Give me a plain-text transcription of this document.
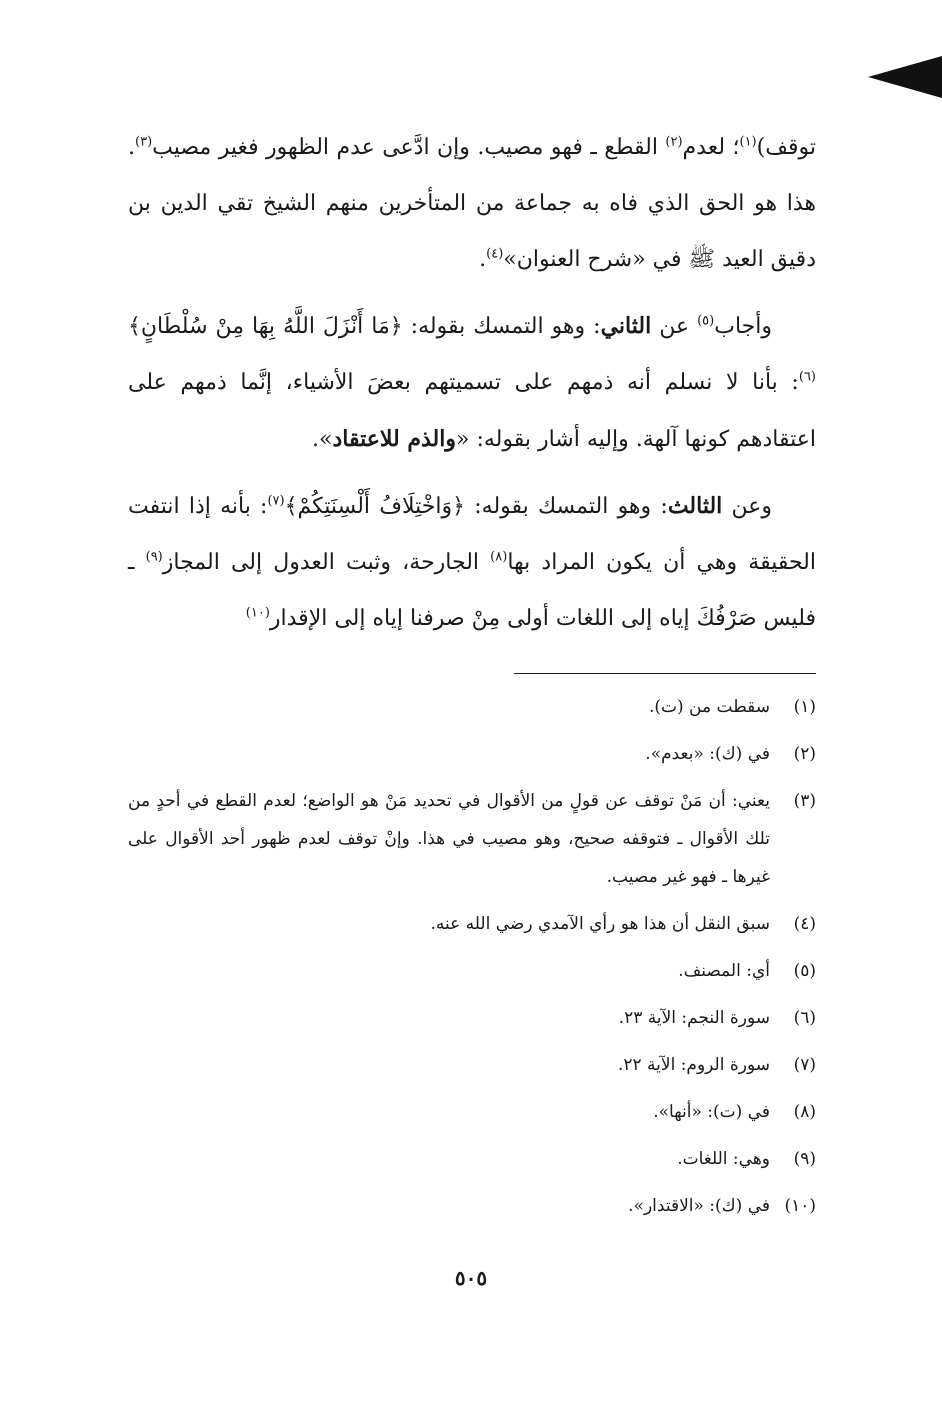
توقف)$^{(١)}$؛ لعدم$^{(٢)}$ القطع ـ فهو مصيب. وإن ادَّعى عدم الظهور فغير مصيب$^{(٣)}$. هذا هو الحق الذي فاه به جماعة من المتأخرين منهم الشيخ تقي الدين بن دقيق العيد ﷺ في «شرح العنوان»$^{(٤)}$.

وأجاب$^{(٥)}$ عن الثاني: وهو التمسك بقوله: ﴿مَا أَنْزَلَ اللَّهُ بِهَا مِنْ سُلْطَانٍ﴾$^{(٦)}$: بأنا لا نسلم أنه ذمهم على تسميتهم بعضَ الأشياء، إنَّما ذمهم على اعتقادهم كونها آلهة. وإليه أشار بقوله: «والذم للاعتقاد».

وعن الثالث: وهو التمسك بقوله: ﴿وَاخْتِلَافُ أَلْسِنَتِكُمْ﴾$^{(٧)}$: بأنه إذا انتفت الحقيقة وهي أن يكون المراد بها$^{(٨)}$ الجارحة، وثبت العدول إلى المجاز$^{(٩)}$ ـ فليس صَرْفُكَ إياه إلى اللغات أولى مِنْ صرفنا إياه إلى الإقدار$^{(١٠)}$

(١)
سقطت من (ت).
(٢)
في (ك): «بعدم».
(٣)
يعني: أن مَنْ توقف عن قولٍ من الأقوال في تحديد مَنْ هو الواضع؛ لعدم القطع في أحدٍ من تلك الأقوال ـ فتوقفه صحيح، وهو مصيب في هذا. وإنْ توقف لعدم ظهور أحد الأقوال على غيرها ـ فهو غير مصيب.
(٤)
سبق النقل أن هذا هو رأي الآمدي رضي الله عنه.
(٥)
أي: المصنف.
(٦)
سورة النجم: الآية ٢٣.
(٧)
سورة الروم: الآية ٢٢.
(٨)
في (ت): «أنها».
(٩)
وهي: اللغات.
(١٠)
في (ك): «الاقتدار».
٥٠٥
